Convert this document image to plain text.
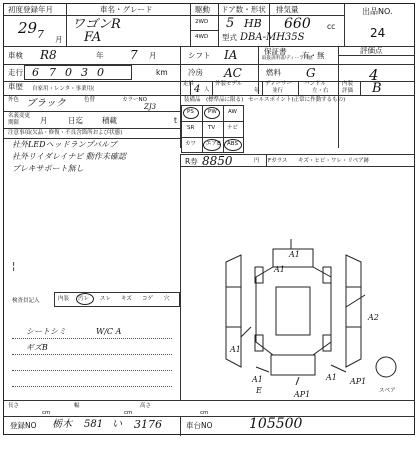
初度登録年月
29 7 月
車名・グレード
ワゴンR
FA
駆動
2WD
4WD
ドア数・形状
5 HB
型式 DBA-MH35S
排気量
660 cc
出品NO.
24
車検 R8	年 7 月	シフト IA	保証書
取扱説明書/ディーラー歴
有・無
評価点
4
走行 6 7 0 3 0	km	冷房 AC	燃料 G
車歴 自家用・レンタ・事業用(
定員 4 人
外装モデル
年
ディーラー
並行
ハンドル
左・右
内装
評価 B
外色 ブラック	色替	カラーNO
ZJ3
名義変更
期限	月	日迄	積載	t
装備品 (標準品に限る)
PS	PW AW
SR TV ナビ
カワ エアB ABS
セールスポイント(正常に作動するもの)
R券 8850	円 Fガラス キズ・ヒビ・ワレ・リペア跡
注意事項(欠品・修復・不良含箇所および状態)
社外LEDヘッドランプバルブ
社外リイダレイナビ 動作未確認
ブレキサポート無し
¦
検査員記入	内装 汚レ スレ キズ コゲ 穴
シートシミ	W/C A
ギズB
A1
A1
A2
A1
A1
E
A1 AP1
AP1	スペア
長さ
cm
幅
cm
高さ
cm
登録NO 栃木 581 い 3176	車台NO	105500
